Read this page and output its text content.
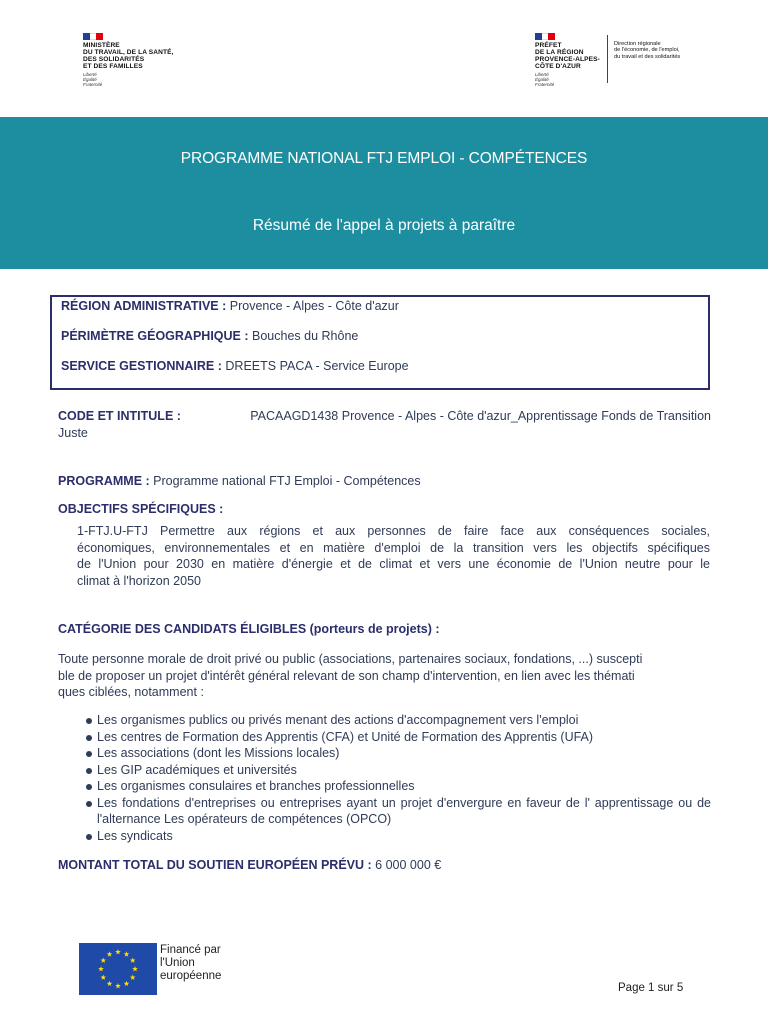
MINISTÈRE
DU TRAVAIL, DE LA SANTÉ,
DES SOLIDARITÉS
ET DES FAMILLES
Liberté
Égalité
Fraternité
PRÉFET
DE LA RÉGION
PROVENCE-ALPES-
CÔTE D'AZUR
Liberté
Égalité
Fraternité
Direction régionale
de l'économie, de l'emploi,
du travail et des solidarités
PROGRAMME NATIONAL FTJ EMPLOI - COMPÉTENCES
Résumé de l'appel à projets à paraître
RÉGION ADMINISTRATIVE : Provence - Alpes - Côte d'azur
PÉRIMÈTRE GÉOGRAPHIQUE : Bouches du Rhône
SERVICE GESTIONNAIRE : DREETS PACA - Service Europe
CODE ET INTITULE :	PACAAGD1438 Provence - Alpes - Côte d'azur_Apprentissage Fonds de Transition
Juste
PROGRAMME : Programme national FTJ Emploi - Compétences
OBJECTIFS SPÉCIFIQUES :
1-FTJ.U-FTJ Permettre aux régions et aux personnes de faire face aux conséquences sociales,
économiques, environnementales et en matière d'emploi de la transition vers les objectifs spécifiques
de l'Union pour 2030 en matière d'énergie et de climat et vers une économie de l'Union neutre pour le
climat à l'horizon 2050
CATÉGORIE DES CANDIDATS ÉLIGIBLES (porteurs de projets) :
Toute personne morale de droit privé ou public (associations, partenaires sociaux, fondations, ...) suscepti
ble de proposer un projet d'intérêt général relevant de son champ d'intervention, en lien avec les thémati
ques ciblées, notamment :
Les organismes publics ou privés menant des actions d'accompagnement vers l'emploi
Les centres de Formation des Apprentis (CFA) et Unité de Formation des Apprentis (UFA)
Les associations (dont les Missions locales)
Les GIP académiques et universités
Les organismes consulaires et branches professionnelles
Les fondations d'entreprises ou entreprises ayant un projet d'envergure en faveur de l' apprentissage ou de l'alternance Les opérateurs de compétences (OPCO)
Les syndicats
MONTANT TOTAL DU SOUTIEN EUROPÉEN PRÉVU : 6 000 000 €
Financé par
l'Union
européenne
Page 1 sur 5
